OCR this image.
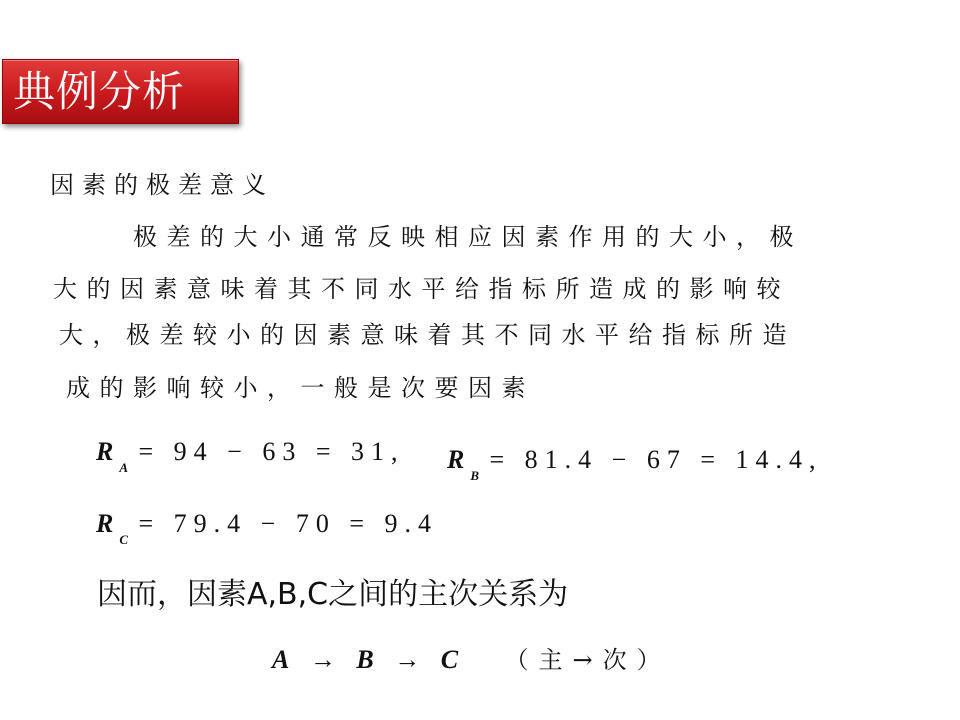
典例分析
因素的极差意义
极差的大小通常反映相应因素作用的大小，极
大的因素意味着其不同水平给指标所造成的影响较
大，极差较小的因素意味着其不同水平给指标所造
成的影响较小，一般是次要因素
$R_A = 94 - 63 = 31$, $R_B = 81.4 - 67 = 14.4$,
$R_C = 79.4 - 70 = 9.4$
因而，因素A,B,C之间的主次关系为
A → B → C （主→次）
